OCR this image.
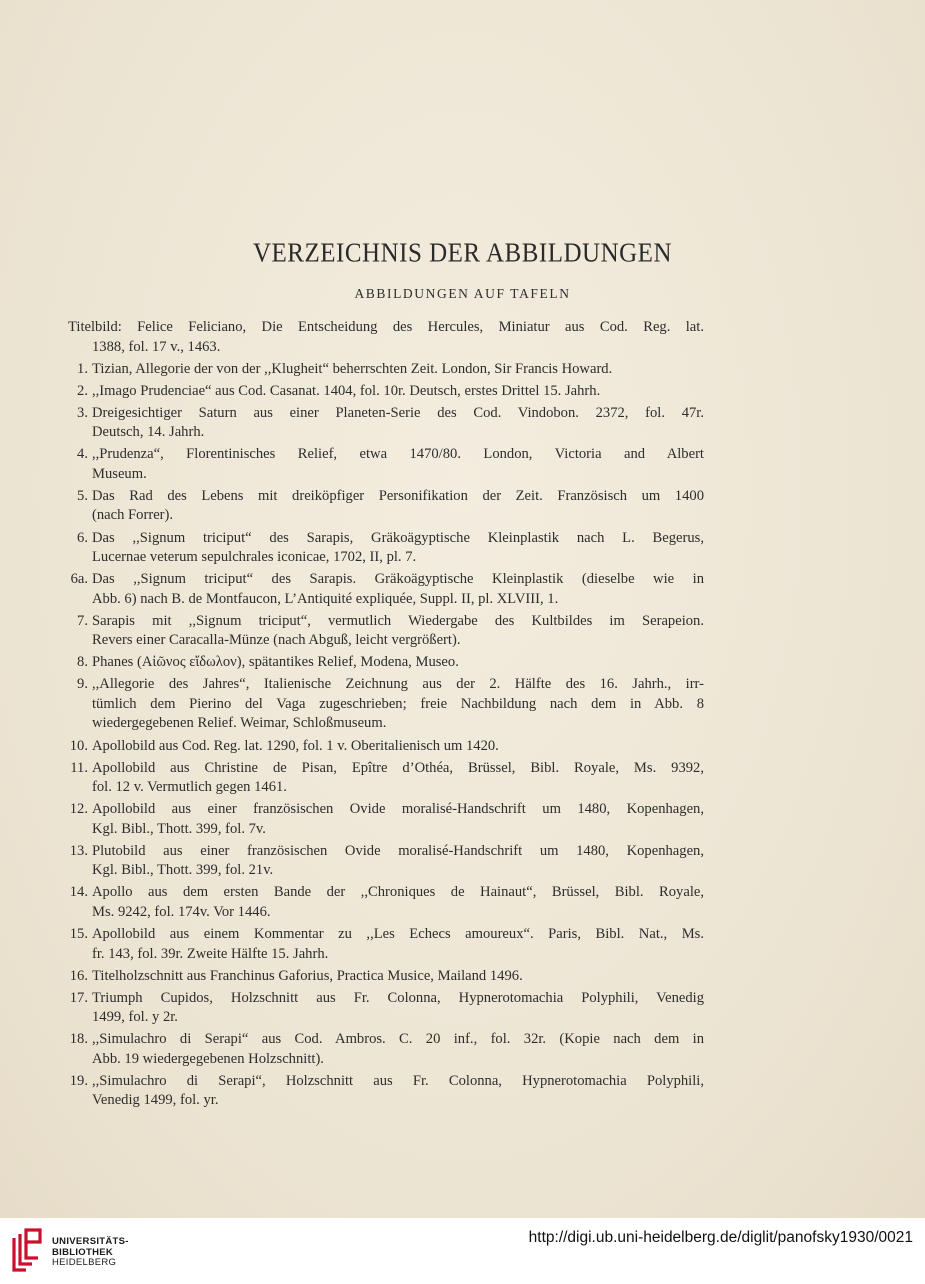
VERZEICHNIS DER ABBILDUNGEN
ABBILDUNGEN AUF TAFELN
Titelbild: Felice Feliciano, Die Entscheidung des Hercules, Miniatur aus Cod. Reg. lat.
1388, fol. 17 v., 1463.
1. Tizian, Allegorie der von der ,,Klugheit“ beherrschten Zeit. London, Sir Francis Howard.
2. ,,Imago Prudenciae“ aus Cod. Casanat. 1404, fol. 10r. Deutsch, erstes Drittel 15. Jahrh.
3. Dreigesichtiger Saturn aus einer Planeten-Serie des Cod. Vindobon. 2372, fol. 47r.
Deutsch, 14. Jahrh.
4. ,,Prudenza“, Florentinisches Relief, etwa 1470/80. London, Victoria and Albert
Museum.
5. Das Rad des Lebens mit dreiköpfiger Personifikation der Zeit. Französisch um 1400
(nach Forrer).
6. Das ,,Signum triciput“ des Sarapis, Gräkoägyptische Kleinplastik nach L. Begerus,
Lucernae veterum sepulchrales iconicae, 1702, II, pl. 7.
6a. Das ,,Signum triciput“ des Sarapis. Gräkoägyptische Kleinplastik (dieselbe wie in
Abb. 6) nach B. de Montfaucon, L’Antiquité expliquée, Suppl. II, pl. XLVIII, 1.
7. Sarapis mit ,,Signum triciput“, vermutlich Wiedergabe des Kultbildes im Serapeion.
Revers einer Caracalla-Münze (nach Abguß, leicht vergrößert).
8. Phanes (Αἰῶνος εἴδωλον), spätantikes Relief, Modena, Museo.
9. ,,Allegorie des Jahres“, Italienische Zeichnung aus der 2. Hälfte des 16. Jahrh., irr-
tümlich dem Pierino del Vaga zugeschrieben; freie Nachbildung nach dem in Abb. 8
wiedergegebenen Relief. Weimar, Schloßmuseum.
10. Apollobild aus Cod. Reg. lat. 1290, fol. 1 v. Oberitalienisch um 1420.
11. Apollobild aus Christine de Pisan, Epître d’Othéa, Brüssel, Bibl. Royale, Ms. 9392,
fol. 12 v. Vermutlich gegen 1461.
12. Apollobild aus einer französischen Ovide moralisé-Handschrift um 1480, Kopenhagen,
Kgl. Bibl., Thott. 399, fol. 7v.
13. Plutobild aus einer französischen Ovide moralisé-Handschrift um 1480, Kopenhagen,
Kgl. Bibl., Thott. 399, fol. 21v.
14. Apollo aus dem ersten Bande der ,,Chroniques de Hainaut“, Brüssel, Bibl. Royale,
Ms. 9242, fol. 174v. Vor 1446.
15. Apollobild aus einem Kommentar zu ,,Les Echecs amoureux“. Paris, Bibl. Nat., Ms.
fr. 143, fol. 39r. Zweite Hälfte 15. Jahrh.
16. Titelholzschnitt aus Franchinus Gaforius, Practica Musice, Mailand 1496.
17. Triumph Cupidos, Holzschnitt aus Fr. Colonna, Hypnerotomachia Polyphili, Venedig
1499, fol. y 2r.
18. ,,Simulachro di Serapi“ aus Cod. Ambros. C. 20 inf., fol. 32r. (Kopie nach dem in
Abb. 19 wiedergegebenen Holzschnitt).
19. ,,Simulachro di Serapi“, Holzschnitt aus Fr. Colonna, Hypnerotomachia Polyphili,
Venedig 1499, fol. yr.
UNIVERSITÄTS-
BIBLIOTHEK
HEIDELBERG
http://digi.ub.uni-heidelberg.de/diglit/panofsky1930/0021
